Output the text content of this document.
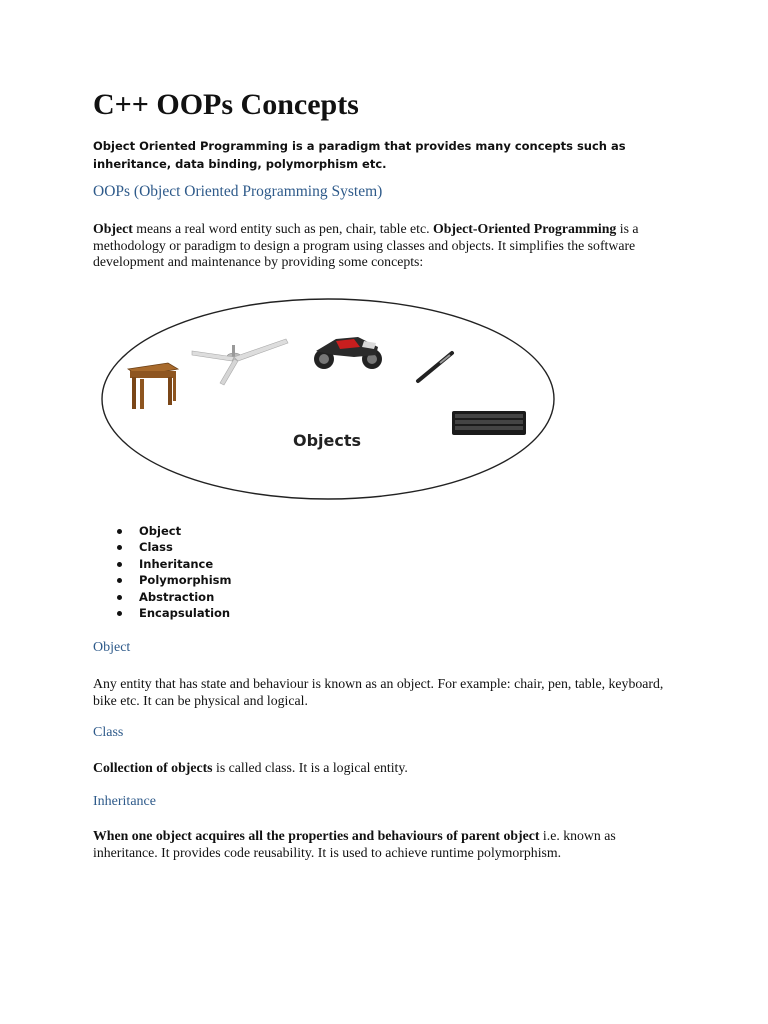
C++ OOPs Concepts
Object Oriented Programming is a paradigm that provides many concepts such as inheritance, data binding, polymorphism etc.
OOPs (Object Oriented Programming System)

Object means a real word entity such as pen, chair, table etc. Object-Oriented Programming is a methodology or paradigm to design a program using classes and objects. It simplifies the software development and maintenance by providing some concepts:

Objects
Object
Class
Inheritance
Polymorphism
Abstraction
Encapsulation
Object

Any entity that has state and behaviour is known as an object. For example: chair, pen, table, keyboard, bike etc. It can be physical and logical.

Class

Collection of objects is called class. It is a logical entity.

Inheritance

When one object acquires all the properties and behaviours of parent object i.e. known as inheritance. It provides code reusability. It is used to achieve runtime polymorphism.
